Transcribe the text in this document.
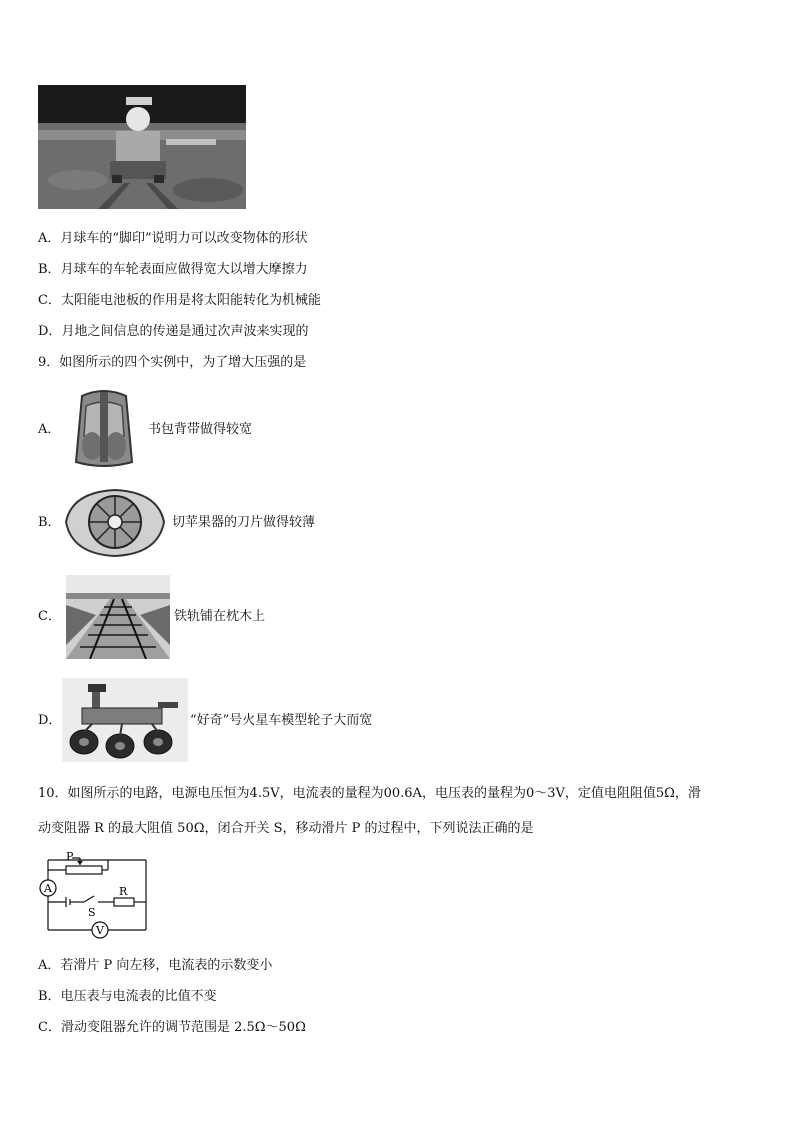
A．月球车的“脚印”说明力可以改变物体的形状
B．月球车的车轮表面应做得宽大以增大摩擦力
C．太阳能电池板的作用是将太阳能转化为机械能
D．月地之间信息的传递是通过次声波来实现的
9．如图所示的四个实例中，为了增大压强的是
A．	书包背带做得较宽
B．	切苹果器的刀片做得较薄
C．	铁轨铺在枕木上
D．	“好奇”号火星车模型轮子大而宽
10．如图所示的电路，电源电压恒为4.5V，电流表的量程为00.6A，电压表的量程为0～3V，定值电阻阻值5Ω，滑
动变阻器 R 的最大阻值 50Ω，闭合开关 S，移动滑片 P 的过程中，下列说法正确的是
P
A
S
R
V
A．若滑片 P 向左移，电流表的示数变小
B．电压表与电流表的比值不变
C．滑动变阻器允许的调节范围是 2.5Ω～50Ω
